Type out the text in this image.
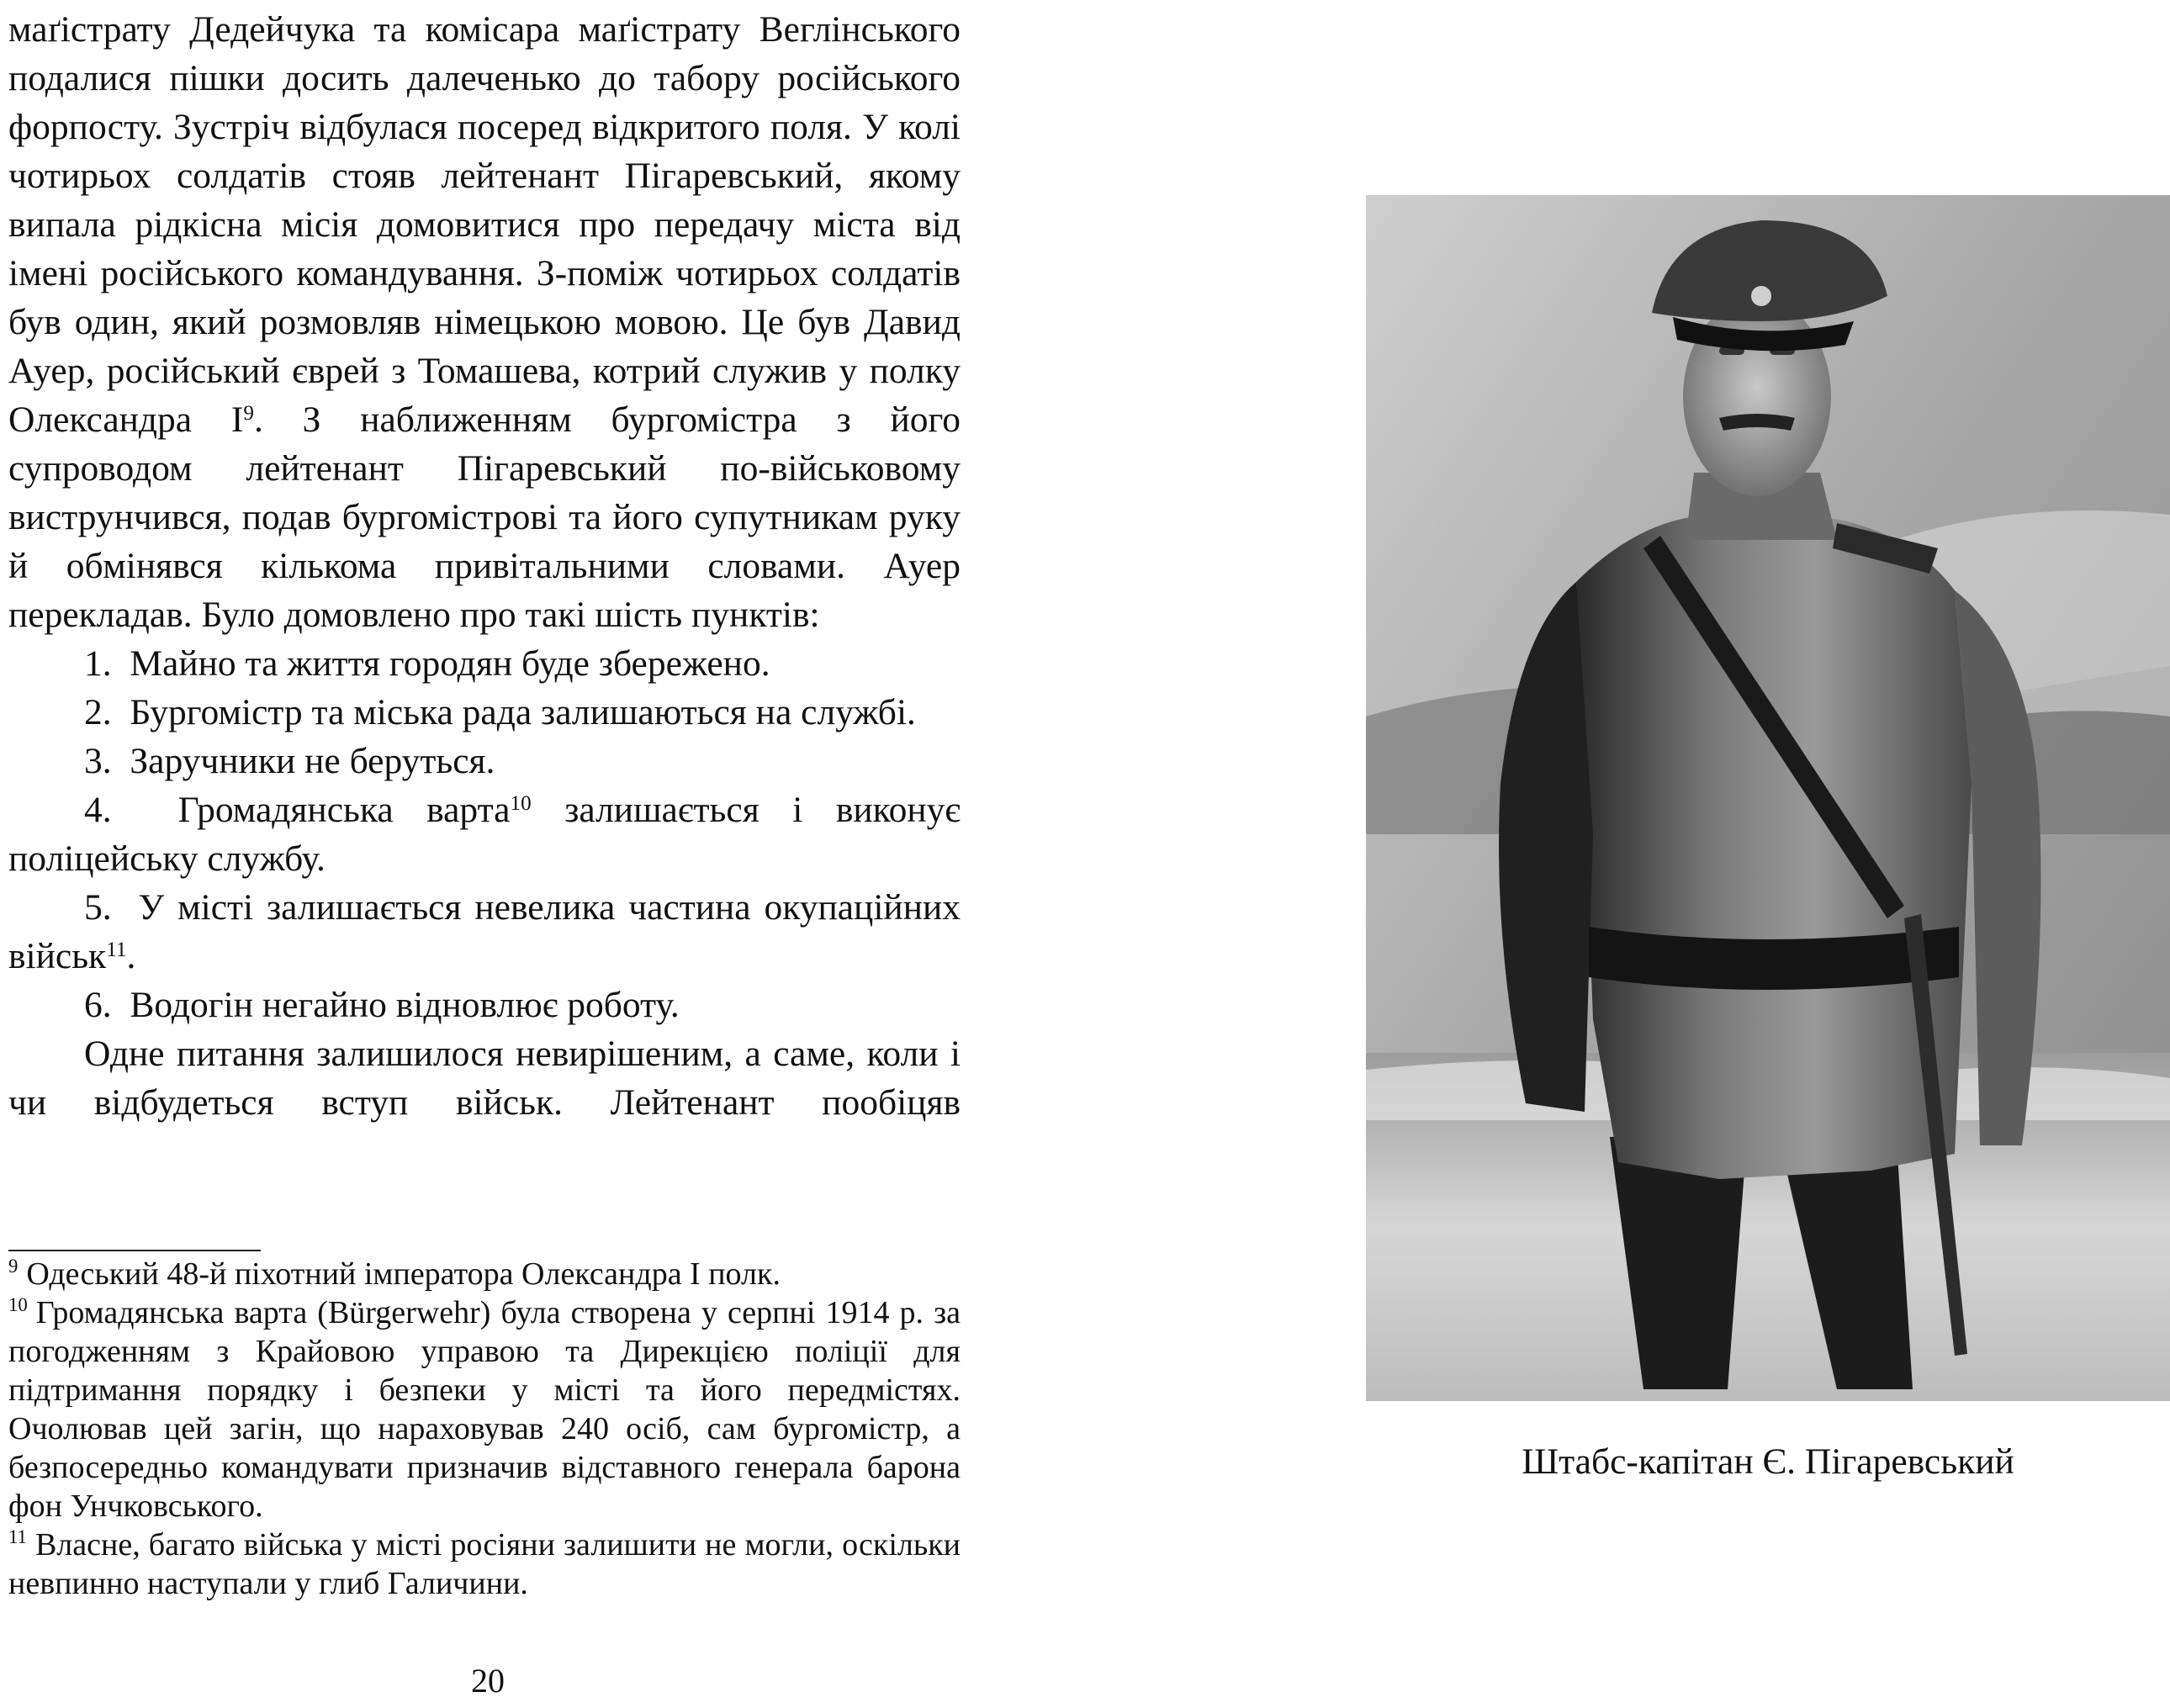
маґістрату Дедейчука та комісара маґістрату Веглінського подалися пішки досить далеченько до табору російського форпосту. Зустріч відбулася посеред відкритого поля. У колі чотирьох солдатів стояв лейтенант Пігаревський, якому випала рідкісна місія домовитися про передачу міста від імені російського командування. З-поміж чотирьох солдатів був один, який розмовляв німецькою мовою. Це був Давид Ауер, російський єврей з Томашева, котрий служив у полку Олександра $І^9$. З наближенням бургомістра з його супроводом лейтенант Пігаревський по-військовому виструнчився, подав бургомістрові та його супутникам руку й обмінявся кількома привітальними словами. Ауер перекладав. Було домовлено про такі шість пунктів:

1. Майно та життя городян буде збережено.

2. Бургомістр та міська рада залишаються на службі.

3. Заручники не беруться.

4. Громадянська варта$^{10}$ залишається і виконує поліцейську службу.

5. У місті залишається невелика частина окупаційних військ$^{11}$.

6. Водогін негайно відновлює роботу.

Одне питання залишилося невирішеним, а саме, коли і чи відбудеться вступ військ. Лейтенант пообіцяв

$^9$ Одеський 48-й піхотний імператора Олександра І полк.

$^{10}$ Громадянська варта (Bürgerwehr) була створена у серпні 1914 р. за погодженням з Крайовою управою та Дирекцією поліції для підтримання порядку і безпеки у місті та його передмістях. Очолював цей загін, що нараховував 240 осіб, сам бургомістр, а безпосередньо командувати призначив відставного генерала барона фон Унчковського.

$^{11}$ Власне, багато війська у місті росіяни залишити не могли, оскільки невпинно наступали у глиб Галичини.

20
Штабс-капітан Є. Пігаревський
